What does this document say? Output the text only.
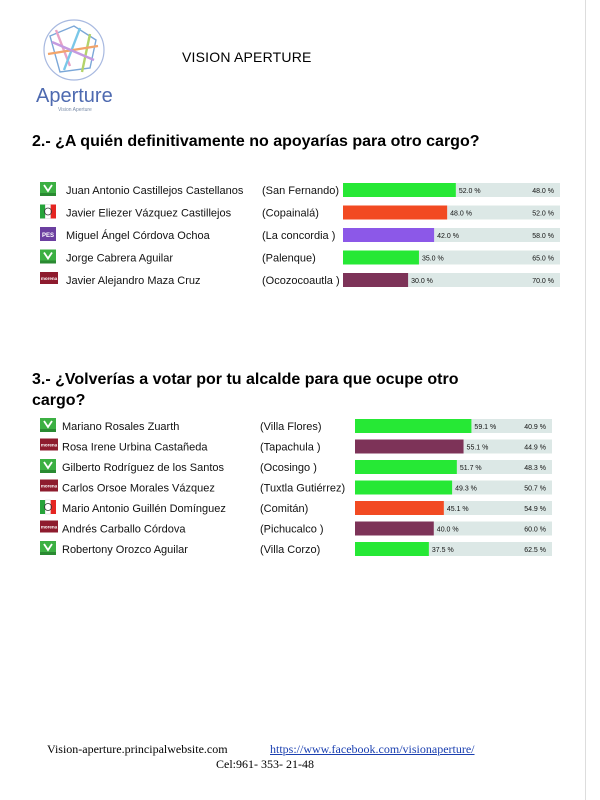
Aperture
Vision Aperture
VISION APERTURE
2.- ¿A quién definitivamente no apoyarías para otro cargo?
3.- ¿Volverías a votar por tu alcalde para que ocupe otro cargo?
Juan Antonio Castillejos Castellanos (San Fernando)	52.0 %	48.0 %
Javier Eliezer Vázquez Castillejos	(Copainalá)	48.0 %	52.0 %
PES Miguel Ángel Córdova Ochoa	(La concordia )	42.0 %	58.0 %
Jorge Cabrera Aguilar	(Palenque)	35.0 %	65.0 %
morena Javier Alejandro Maza Cruz	(Ocozocoautla )	30.0 %	70.0 %
Mariano Rosales Zuarth	(Villa Flores)	59.1 %	40.9 %
morena Rosa Irene Urbina Castañeda	(Tapachula )	55.1 %	44.9 %
Gilberto Rodríguez de los Santos	(Ocosingo )	51.7 %	48.3 %
morena Carlos Orsoe Morales Vázquez	(Tuxtla Gutiérrez)	49.3 %	50.7 %
Mario Antonio Guillén Domínguez	(Comitán)	45.1 %	54.9 %
morena Andrés Carballo Córdova	(Pichucalco )	40.0 %	60.0 %
Robertony Orozco Aguilar	(Villa Corzo)	37.5 %	62.5 %
Vision-aperture.principalwebsite.com	https://www.facebook.com/visionaperture/
Cel:961- 353- 21-48
